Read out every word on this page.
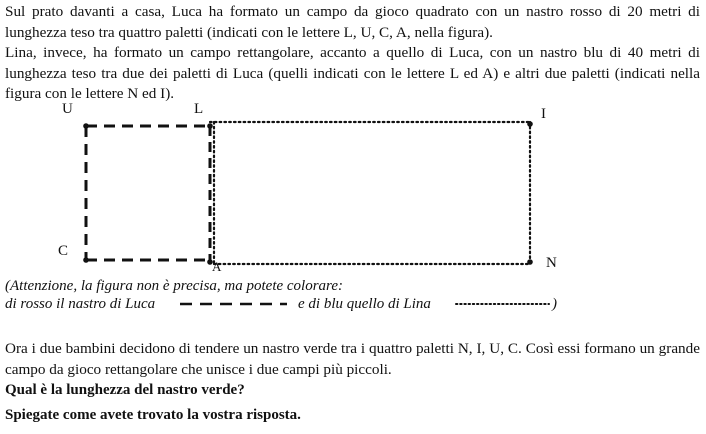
Sul prato davanti a casa, Luca ha formato un campo da gioco quadrato con un nastro rosso di 20 metri di lunghezza teso tra quattro paletti (indicati con le lettere L, U, C, A, nella figura).

Lina, invece, ha formato un campo rettangolare, accanto a quello di Luca, con un nastro blu di 40 metri di lunghezza teso tra due dei paletti di Luca (quelli indicati con le lettere L ed A) e altri due paletti (indicati nella figura con le lettere N ed I).

U	L	I
C
A	N
(Attenzione, la figura non è precisa, ma potete colorare:
di rosso il nastro di Luca	e di blu quello di Lina	)

Ora i due bambini decidono di tendere un nastro verde tra i quattro paletti N, I, U, C. Così essi formano un grande campo da gioco rettangolare che unisce i due campi più piccoli.

Qual è la lunghezza del nastro verde?
Spiegate come avete trovato la vostra risposta.
